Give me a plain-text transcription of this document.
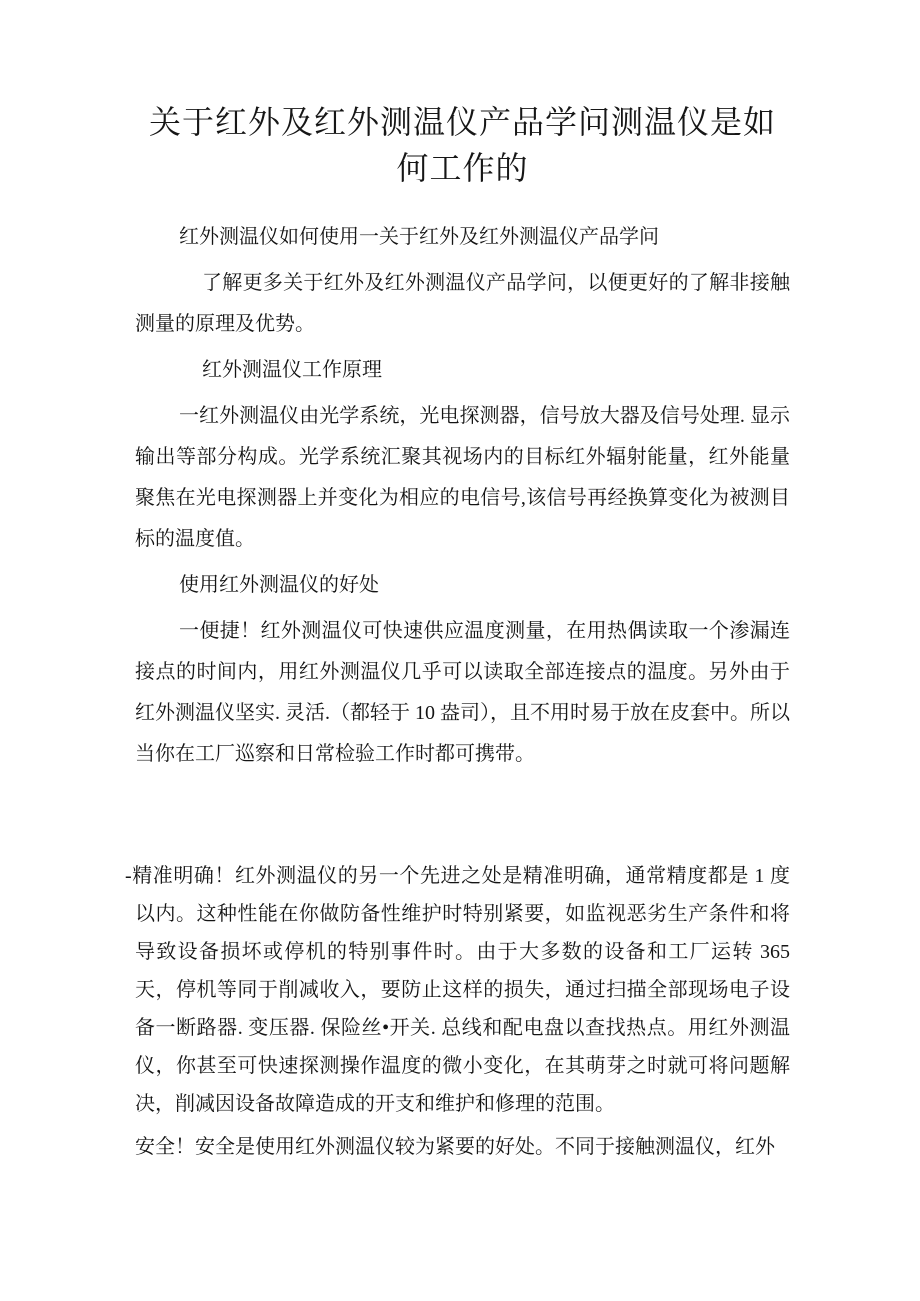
关于红外及红外测温仪产品学问测温仪是如
何工作的

红外测温仪如何使用一关于红外及红外测温仪产品学问

了解更多关于红外及红外测温仪产品学问，以便更好的了解非接触测量的原理及优势。

红外测温仪工作原理

一红外测温仪由光学系统，光电探测器，信号放大器及信号处理. 显示输出等部分构成。光学系统汇聚其视场内的目标红外辐射能量，红外能量聚焦在光电探测器上并变化为相应的电信号,该信号再经换算变化为被测目标的温度值。

使用红外测温仪的好处

一便捷！红外测温仪可快速供应温度测量，在用热偶读取一个渗漏连接点的时间内，用红外测温仪几乎可以读取全部连接点的温度。另外由于红外测温仪坚实. 灵活.（都轻于 10 盎司），且不用时易于放在皮套中。所以当你在工厂巡察和日常检验工作时都可携带。

-精准明确！红外测温仪的另一个先进之处是精准明确，通常精度都是 1 度以内。这种性能在你做防备性维护时特别紧要，如监视恶劣生产条件和将导致设备损坏或停机的特别事件时。由于大多数的设备和工厂运转 365 天，停机等同于削减收入，要防止这样的损失，通过扫描全部现场电子设备一断路器. 变压器. 保险丝•开关. 总线和配电盘以查找热点。用红外测温仪，你甚至可快速探测操作温度的微小变化，在其萌芽之时就可将问题解决，削减因设备故障造成的开支和维护和修理的范围。

安全！安全是使用红外测温仪较为紧要的好处。不同于接触测温仪，红外
